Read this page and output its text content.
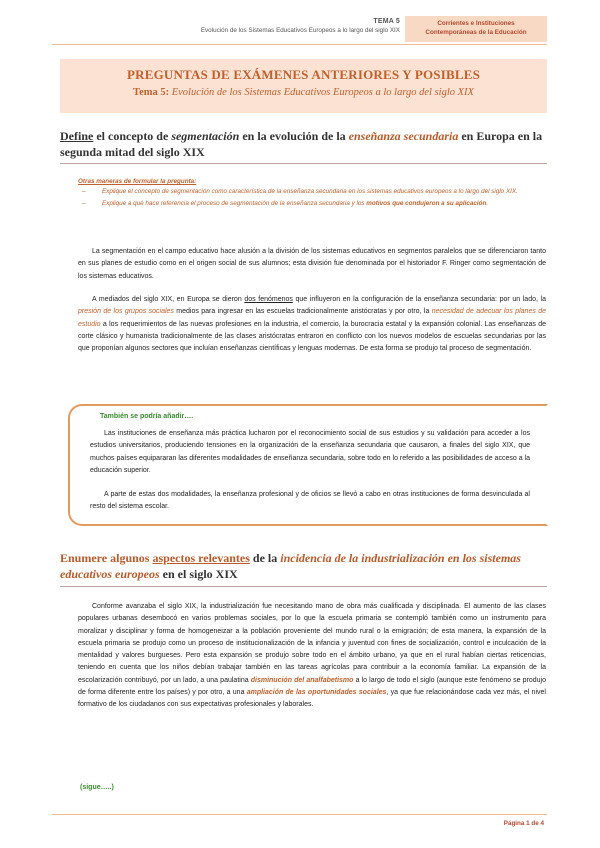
TEMA 5
Evolución de los Sistemas Educativos Europeos a lo largo del siglo XIX
Corrientes e Instituciones
Contemporáneas de la Educación
PREGUNTAS DE EXÁMENES ANTERIORES Y POSIBLES
Tema 5: Evolución de los Sistemas Educativos Europeos a lo largo del siglo XIX
Define el concepto de segmentación en la evolución de la enseñanza secundaria en Europa en la segunda mitad del siglo XIX
Otras maneras de formular la pregunta:
–	Explique el concepto de segmentación como característica de la enseñanza secundaria en los sistemas educativos europeos a lo largo del siglo XIX.
–	Explique a qué hace referencia el proceso de segmentación de la enseñanza secundaria y los motivos que condujeron a su aplicación.

La segmentación en el campo educativo hace alusión a la división de los sistemas educativos en segmentos paralelos que se diferenciaron tanto en sus planes de estudio como en el origen social de sus alumnos; esta división fue denominada por el historiador F. Ringer como segmentación de los sistemas educativos.

A mediados del siglo XIX, en Europa se dieron dos fenómenos que influyeron en la configuración de la enseñanza secundaria: por un lado, la presión de los grupos sociales medios para ingresar en las escuelas tradicionalmente aristócratas y por otro, la necesidad de adecuar los planes de estudio a los requerimientos de las nuevas profesiones en la industria, el comercio, la burocracia estatal y la expansión colonial. Las enseñanzas de corte clásico y humanista tradicionalmente de las clases aristócratas entraron en conflicto con los nuevos modelos de escuelas secundarias por las que proponían algunos sectores que incluían enseñanzas científicas y lenguas modernas. De esta forma se produjo tal proceso de segmentación.

También se podría añadir….

Las instituciones de enseñanza más práctica lucharon por el reconocimiento social de sus estudios y su validación para acceder a los estudios universitarios, produciendo tensiones en la organización de la enseñanza secundaria que causaron, a finales del siglo XIX, que muchos países equipararan las diferentes modalidades de enseñanza secundaria, sobre todo en lo referido a las posibilidades de acceso a la educación superior.

A parte de estas dos modalidades, la enseñanza profesional y de oficios se llevó a cabo en otras instituciones de forma desvinculada al resto del sistema escolar.

Enumere algunos aspectos relevantes de la incidencia de la industrialización en los sistemas educativos europeos en el siglo XIX

Conforme avanzaba el siglo XIX, la industrialización fue necesitando mano de obra más cualificada y disciplinada. El aumento de las clases populares urbanas desembocó en varios problemas sociales, por lo que la escuela primaria se contempló también como un instrumento para moralizar y disciplinar y forma de homogeneizar a la población proveniente del mundo rural o la emigración; de esta manera, la expansión de la escuela primaria se produjo como un proceso de institucionalización de la infancia y juventud con fines de socialización, control e inculcación de la mentalidad y valores burgueses. Pero esta expansión se produjo sobre todo en el ámbito urbano, ya que en el rural habían ciertas reticencias, teniendo en cuenta que los niños debían trabajar también en las tareas agrícolas para contribuir a la economía familiar. La expansión de la escolarización contribuyó, por un lado, a una paulatina disminución del analfabetismo a lo largo de todo el siglo (aunque este fenómeno se produjo de forma diferente entre los países) y por otro, a una ampliación de las oportunidades sociales, ya que fue relacionándose cada vez más, el nivel formativo de los ciudadanos con sus expectativas profesionales y laborales.

(sigue…..)
Página 1 de 4
